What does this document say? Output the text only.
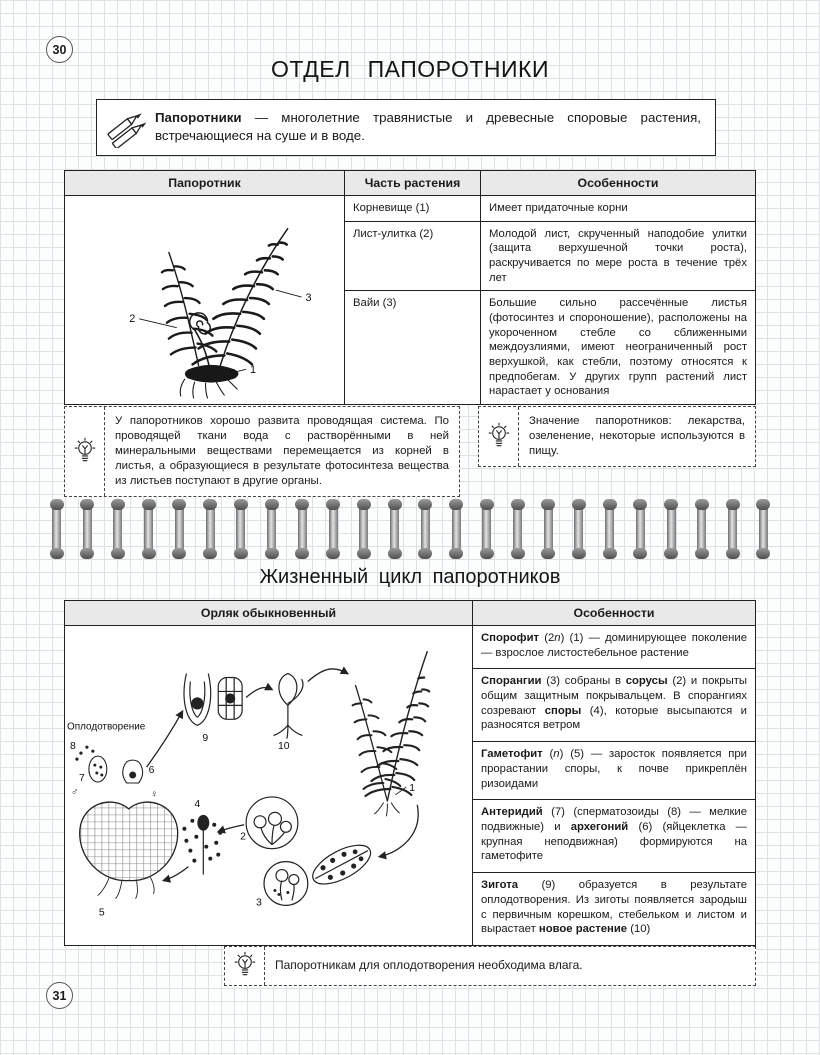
30
ОТДЕЛ ПАПОРОТНИКИ
Папоротники — многолетние травянистые и древесные споровые растения, встречающиеся на суше и в воде.
Папоротник	Часть растения	Особенности
1
2
3
Корневище (1)	Имеет придаточные корни
Лист-улитка (2)	Молодой лист, скрученный наподобие улитки (защита верхушечной точки роста), раскручивается по мере роста в течение трёх лет
Вайи (3)	Большие сильно рассечённые листья (фотосинтез и спороношение), расположены на укороченном стебле со сближенными междоузлиями, имеют неограниченный рост верхушкой, как стебли, поэтому относятся к предпобегам. У других групп растений лист нарастает у основания
У папоротников хорошо развита проводящая система. По проводящей ткани вода с растворёнными в ней минеральными веществами перемещается из корней в листья, а образующиеся в результате фотосинтеза вещества из листьев поступают в другие органы.
Значение папоротников: лекарства, озеленение, некоторые используются в пищу.
Жизненный цикл папоротников
Орляк обыкновенный	Особенности
Оплодотворение
1
2
3
4
5
6
7
8
9
10
♂	♀
Спорофит (2n) (1) — доминирующее поколение — взрослое листостебельное растение
Спорангии (3) собраны в сорусы (2) и покрыты общим защитным покрывальцем. В спорангиях созревают споры (4), которые высыпаются и разносятся ветром
Гаметофит (n) (5) — заросток появляется при прорастании споры, к почве прикреплён ризоидами
Антеридий (7) (сперматозоиды (8) — мелкие подвижные) и архегоний (6) (яйцеклетка — крупная неподвижная) формируются на гаметофите
Зигота (9) образуется в результате оплодотворения. Из зиготы появляется зародыш с первичным корешком, стебельком и листом и вырастает новое растение (10)
Папоротникам для оплодотворения необходима влага.
31
